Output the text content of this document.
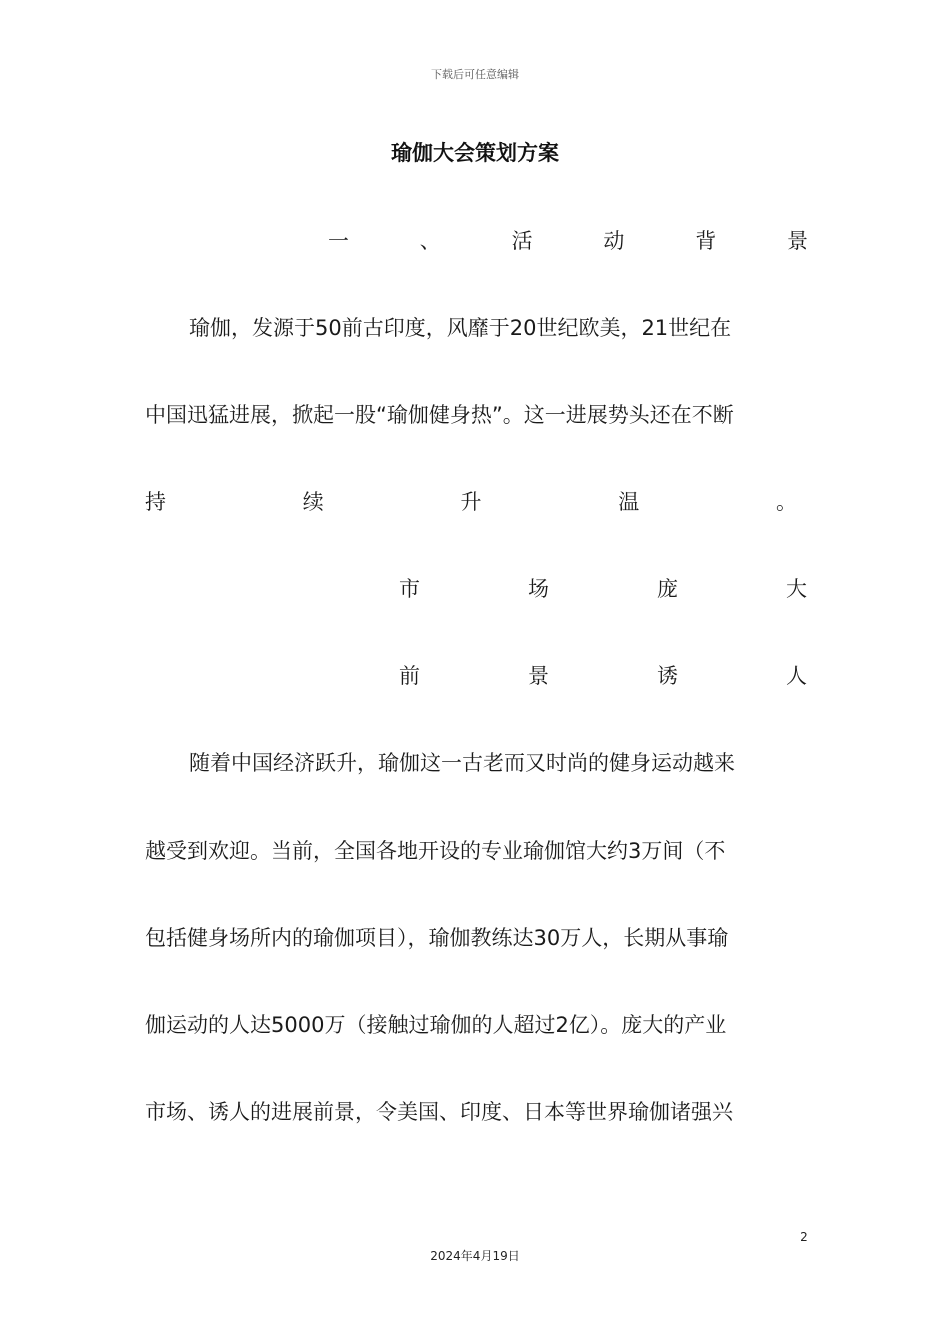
下载后可任意编辑
瑜伽大会策划方案
一	、	活	动	背	景
瑜伽，发源于50前古印度，风靡于20世纪欧美，21世纪在
中国迅猛进展，掀起一股“瑜伽健身热”。这一进展势头还在不断
持	续	升	温	。
市	场	庞	大
前	景	诱	人
随着中国经济跃升，瑜伽这一古老而又时尚的健身运动越来
越受到欢迎。当前，全国各地开设的专业瑜伽馆大约3万间（不
包括健身场所内的瑜伽项目），瑜伽教练达30万人，长期从事瑜
伽运动的人达5000万（接触过瑜伽的人超过2亿）。庞大的产业
市场、诱人的进展前景，令美国、印度、日本等世界瑜伽诸强兴
2
2024年4月19日
